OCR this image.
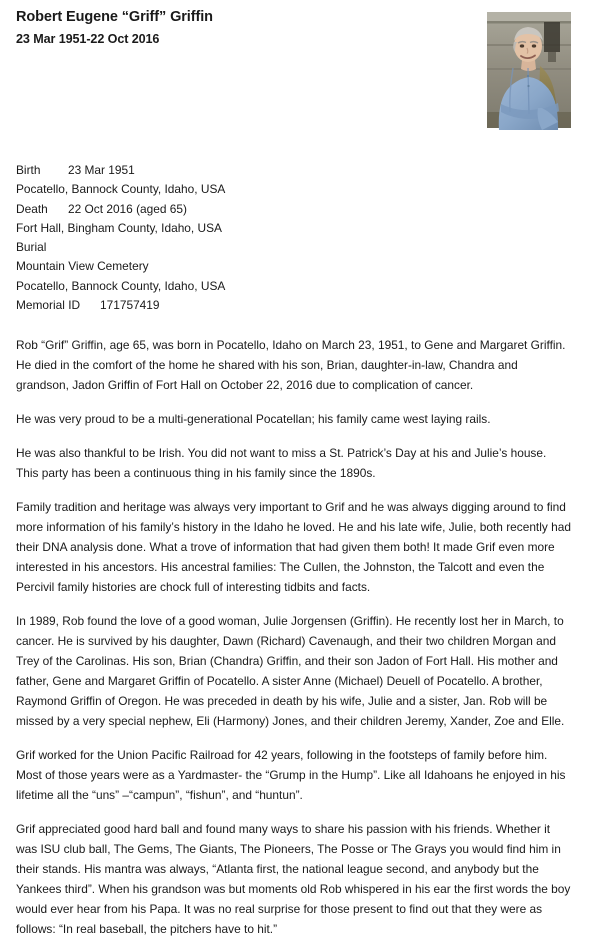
Robert Eugene “Griff” Griffin
23 Mar 1951-22 Oct 2016
Birth 23 Mar 1951
Pocatello, Bannock County, Idaho, USA
Death 22 Oct 2016 (aged 65)
Fort Hall, Bingham County, Idaho, USA
Burial
Mountain View Cemetery
Pocatello, Bannock County, Idaho, USA
Memorial ID 171757419

Rob “Grif” Griffin, age 65, was born in Pocatello, Idaho on March 23, 1951, to Gene and Margaret Griffin. He died in the comfort of the home he shared with his son, Brian, daughter-in-law, Chandra and grandson, Jadon Griffin of Fort Hall on October 22, 2016 due to complication of cancer.

He was very proud to be a multi-generational Pocatellan; his family came west laying rails.

He was also thankful to be Irish. You did not want to miss a St. Patrick’s Day at his and Julie’s house. This party has been a continuous thing in his family since the 1890s.

Family tradition and heritage was always very important to Grif and he was always digging around to find more information of his family’s history in the Idaho he loved. He and his late wife, Julie, both recently had their DNA analysis done. What a trove of information that had given them both! It made Grif even more interested in his ancestors. His ancestral families: The Cullen, the Johnston, the Talcott and even the Percivil family histories are chock full of interesting tidbits and facts.

In 1989, Rob found the love of a good woman, Julie Jorgensen (Griffin). He recently lost her in March, to cancer. He is survived by his daughter, Dawn (Richard) Cavenaugh, and their two children Morgan and Trey of the Carolinas. His son, Brian (Chandra) Griffin, and their son Jadon of Fort Hall. His mother and father, Gene and Margaret Griffin of Pocatello. A sister Anne (Michael) Deuell of Pocatello. A brother, Raymond Griffin of Oregon. He was preceded in death by his wife, Julie and a sister, Jan. Rob will be missed by a very special nephew, Eli (Harmony) Jones, and their children Jeremy, Xander, Zoe and Elle.

Grif worked for the Union Pacific Railroad for 42 years, following in the footsteps of family before him. Most of those years were as a Yardmaster- the “Grump in the Hump”. Like all Idahoans he enjoyed in his lifetime all the “uns” –“campun”, “fishun”, and “huntun”.

Grif appreciated good hard ball and found many ways to share his passion with his friends. Whether it was ISU club ball, The Gems, The Giants, The Pioneers, The Posse or The Grays you would find him in their stands. His mantra was always, “Atlanta first, the national league second, and anybody but the Yankees third”. When his grandson was but moments old Rob whispered in his ear the first words the boy would ever hear from his Papa. It was no real surprise for those present to find out that they were as follows: “In real baseball, the pitchers have to hit.”
